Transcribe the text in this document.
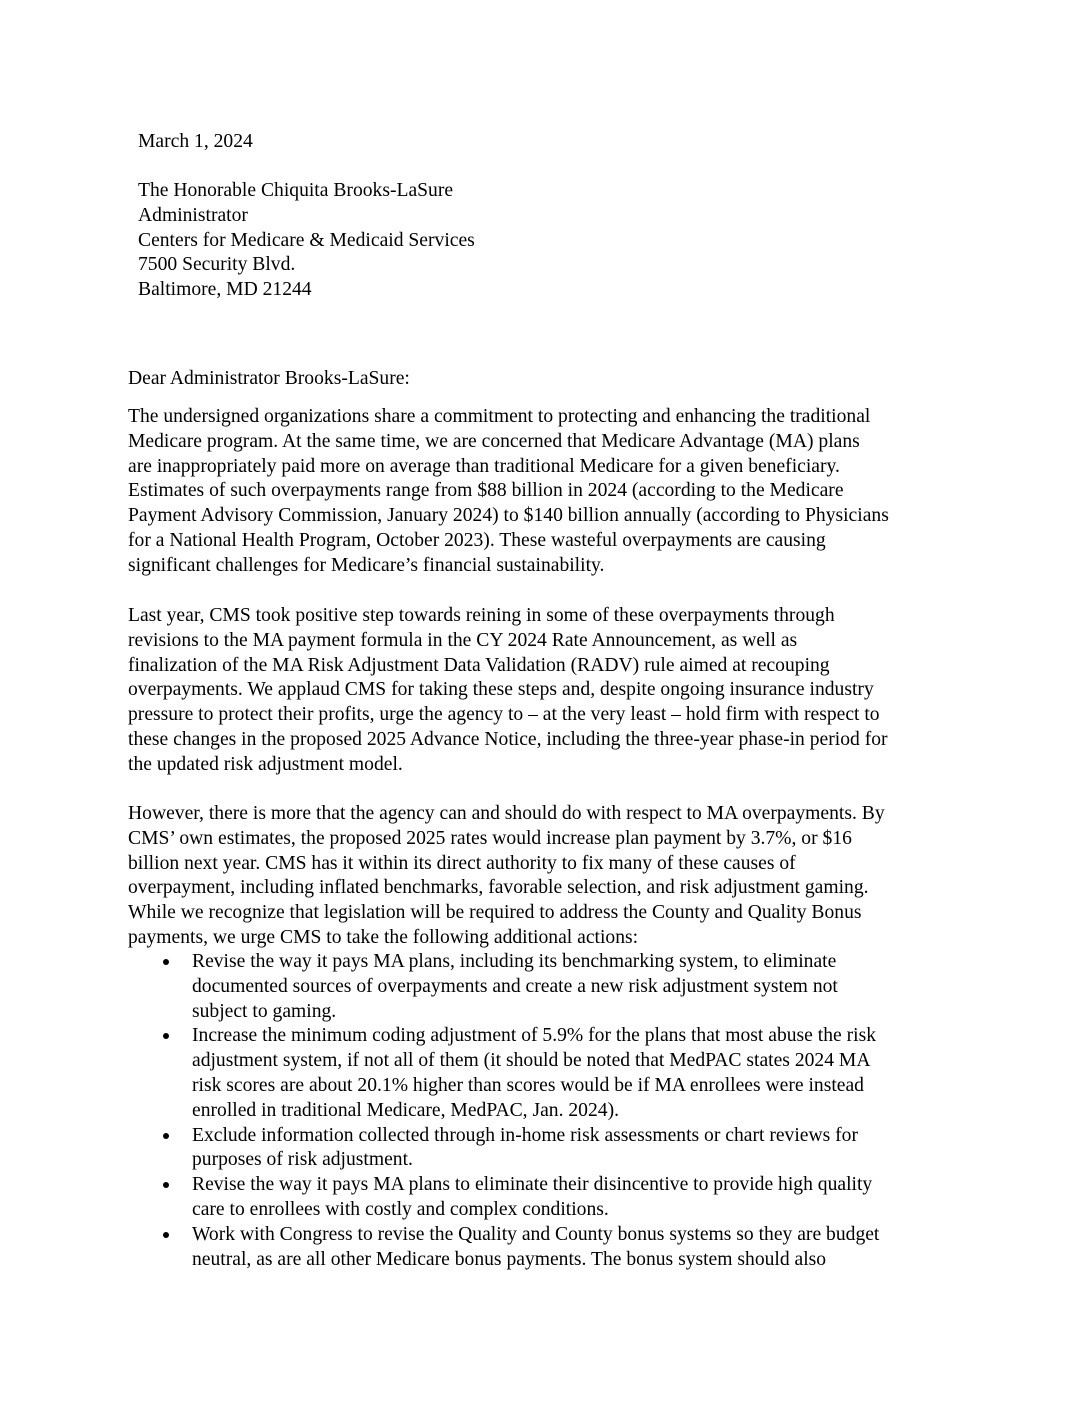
March 1, 2024

The Honorable Chiquita Brooks-LaSure
Administrator
Centers for Medicare & Medicaid Services
7500 Security Blvd.
Baltimore, MD 21244

Dear Administrator Brooks-LaSure:

The undersigned organizations share a commitment to protecting and enhancing the traditional
Medicare program. At the same time, we are concerned that Medicare Advantage (MA) plans
are inappropriately paid more on average than traditional Medicare for a given beneficiary.
Estimates of such overpayments range from $88 billion in 2024 (according to the Medicare
Payment Advisory Commission, January 2024) to $140 billion annually (according to Physicians
for a National Health Program, October 2023). These wasteful overpayments are causing
significant challenges for Medicare’s financial sustainability.

Last year, CMS took positive step towards reining in some of these overpayments through
revisions to the MA payment formula in the CY 2024 Rate Announcement, as well as
finalization of the MA Risk Adjustment Data Validation (RADV) rule aimed at recouping
overpayments. We applaud CMS for taking these steps and, despite ongoing insurance industry
pressure to protect their profits, urge the agency to – at the very least – hold firm with respect to
these changes in the proposed 2025 Advance Notice, including the three-year phase-in period for
the updated risk adjustment model.

However, there is more that the agency can and should do with respect to MA overpayments. By
CMS’ own estimates, the proposed 2025 rates would increase plan payment by 3.7%, or $16
billion next year. CMS has it within its direct authority to fix many of these causes of
overpayment, including inflated benchmarks, favorable selection, and risk adjustment gaming.
While we recognize that legislation will be required to address the County and Quality Bonus
payments, we urge CMS to take the following additional actions:

Revise the way it pays MA plans, including its benchmarking system, to eliminate
documented sources of overpayments and create a new risk adjustment system not
subject to gaming.
Increase the minimum coding adjustment of 5.9% for the plans that most abuse the risk
adjustment system, if not all of them (it should be noted that MedPAC states 2024 MA
risk scores are about 20.1% higher than scores would be if MA enrollees were instead
enrolled in traditional Medicare, MedPAC, Jan. 2024).
Exclude information collected through in-home risk assessments or chart reviews for
purposes of risk adjustment.
Revise the way it pays MA plans to eliminate their disincentive to provide high quality
care to enrollees with costly and complex conditions.
Work with Congress to revise the Quality and County bonus systems so they are budget
neutral, as are all other Medicare bonus payments. The bonus system should also
